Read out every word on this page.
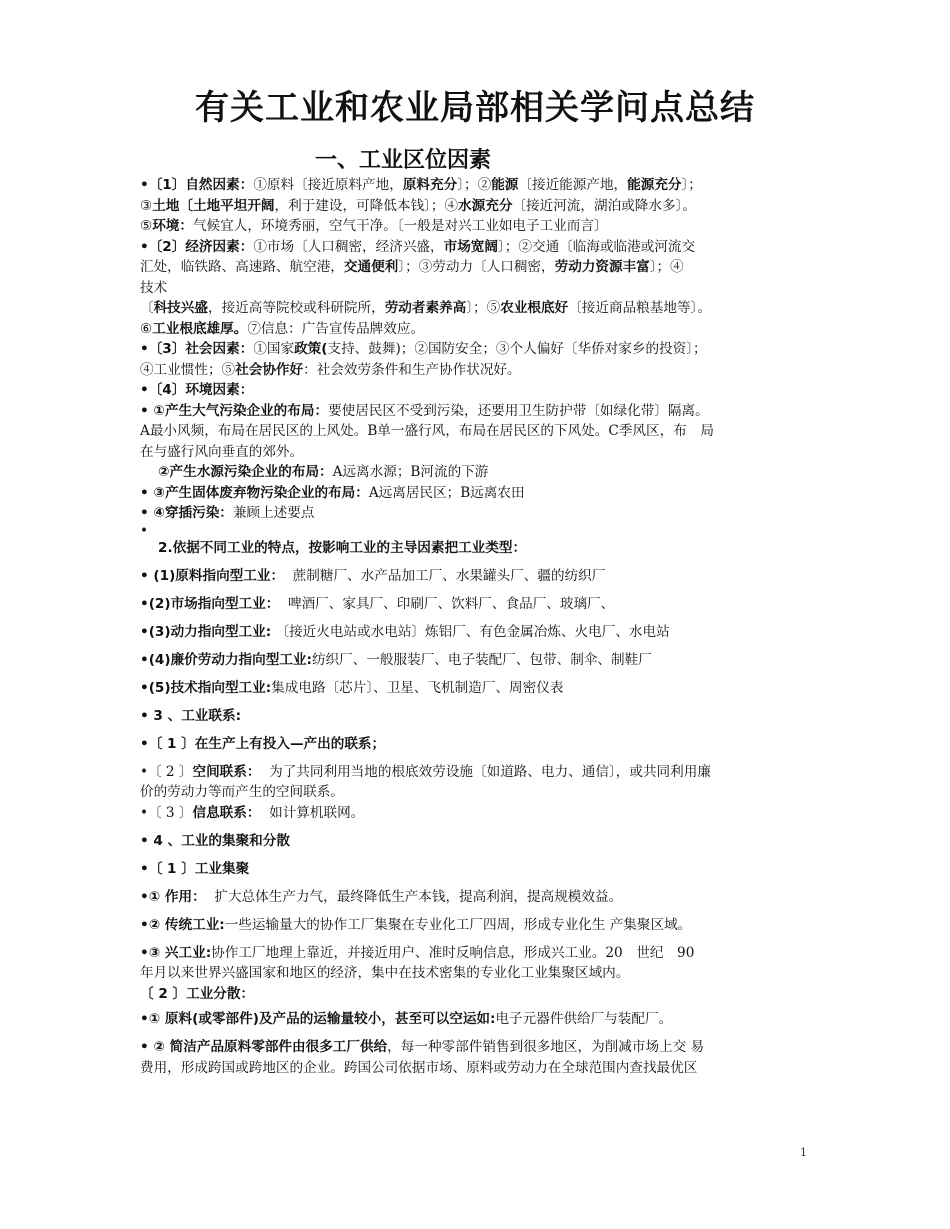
有关工业和农业局部相关学问点总结
一、工业区位因素
•〔1〕自然因素：①原料〔接近原料产地，原料充分〕；②能源〔接近能源产地，能源充分〕；
③土地〔土地平坦开阔，利于建设，可降低本钱〕；④水源充分〔接近河流，湖泊或降水多〕。
⑤环境：气候宜人，环境秀丽，空气干净。〔一般是对兴工业如电子工业而言〕
•〔2〕经济因素：①市场〔人口稠密，经济兴盛，市场宽阔〕；②交通〔临海或临港或河流交
汇处，临铁路、高速路、航空港，交通便利〕；③劳动力〔人口稠密，劳动力资源丰富〕；④
技术
〔科技兴盛，接近高等院校或科研院所，劳动者素养高〕；⑤农业根底好〔接近商品粮基地等〕。
⑥工业根底雄厚。⑦信息：广告宣传品牌效应。
•〔3〕社会因素：①国家政策(支持、鼓舞)；②国防安全；③个人偏好〔华侨对家乡的投资〕；
④工业惯性；⑤社会协作好：社会效劳条件和生产协作状况好。
•〔4〕环境因素：
• ①产生大气污染企业的布局：要使居民区不受到污染，还要用卫生防护带〔如绿化带〕隔离。
A最小风频，布局在居民区的上风处。B单一盛行风，布局在居民区的下风处。C季风区，布　局
在与盛行风向垂直的郊外。
②产生水源污染企业的布局：A远离水源；B河流的下游
• ③产生固体废弃物污染企业的布局：A远离居民区；B远离农田
• ④穿插污染：兼顾上述要点
•
2.依据不同工业的特点，按影响工业的主导因素把工业类型：
• (1)原料指向型工业： 蔗制糖厂、水产品加工厂、水果罐头厂、疆的纺织厂
•(2)市场指向型工业： 啤酒厂、家具厂、印刷厂、饮料厂、食品厂、玻璃厂、
•(3)动力指向型工业: 〔接近火电站或水电站〕炼铝厂、有色金属冶炼、火电厂、水电站
•(4)廉价劳动力指向型工业:纺织厂、一般服装厂、电子装配厂、包带、制伞、制鞋厂
•(5)技术指向型工业:集成电路〔芯片〕、卫星、飞机制造厂、周密仪表
• 3 、工业联系:
•〔 1 〕在生产上有投入—产出的联系；
•〔 2 〕空间联系： 为了共同利用当地的根底效劳设施〔如道路、电力、通信〕，或共同利用廉
价的劳动力等而产生的空间联系。
•〔 3 〕信息联系： 如计算机联网。
• 4 、工业的集聚和分散
•〔 1 〕工业集聚
•① 作用： 扩大总体生产力气，最终降低生产本钱，提高利润，提高规模效益。
•② 传统工业:一些运输量大的协作工厂集聚在专业化工厂四周，形成专业化生 产集聚区域。
•③ 兴工业:协作工厂地理上靠近，并接近用户、准时反响信息，形成兴工业。20　世纪　90
年月以来世界兴盛国家和地区的经济，集中在技术密集的专业化工业集聚区域内。
〔 2 〕工业分散：
•① 原料(或零部件)及产品的运输量较小，甚至可以空运如:电子元器件供给厂与装配厂。
• ② 简洁产品原料零部件由很多工厂供给，每一种零部件销售到很多地区，为削减市场上交 易
费用，形成跨国或跨地区的企业。跨国公司依据市场、原料或劳动力在全球范围内查找最优区
1
